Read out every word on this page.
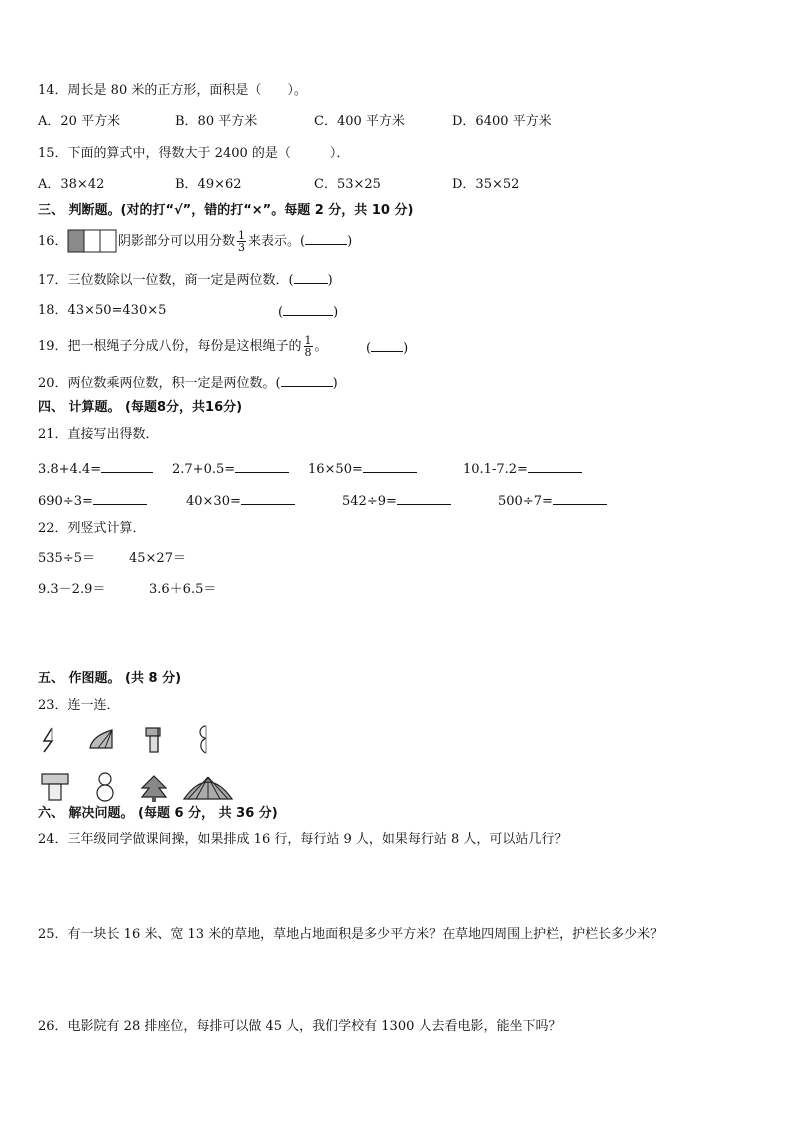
14．周长是 80 米的正方形，面积是（　　）。
A．20 平方米	B．80 平方米	C．400 平方米	D．6400 平方米
15．下面的算式中，得数大于 2400 的是（　　　）．
A．38×42	B．49×62	C．53×25	D．35×52
三、 判断题。(对的打“√”，错的打“×”。每题 2 分，共 10 分)
16．	阴影部分可以用分数 $\frac{1}{3}$ 来表示。(	)
17．三位数除以一位数，商一定是两位数．(	)
18．43×50=430×5	(	)
19．把一根绳子分成八份，每份是这根绳子的 $\frac{1}{8}$ 。	( )
20．两位数乘两位数，积一定是两位数。(	)
四、 计算题。 (每题8分，共16分)
21．直接写出得数．
3.8+4.4=	2.7+0.5=	16×50=	10.1-7.2=
690÷3=	40×30=	542÷9=	500÷7=
22．列竖式计算．
535÷5＝	45×27＝
9.3－2.9＝	3.6＋6.5＝
五、 作图题。 (共 8 分)
23．连一连．
六、 解决问题。 (每题 6 分， 共 36 分)
24．三年级同学做课间操，如果排成 16 行，每行站 9 人，如果每行站 8 人，可以站几行？
25．有一块长 16 米、宽 13 米的草地，草地占地面积是多少平方米？在草地四周围上护栏，护栏长多少米？
26．电影院有 28 排座位，每排可以做 45 人，我们学校有 1300 人去看电影，能坐下吗？
